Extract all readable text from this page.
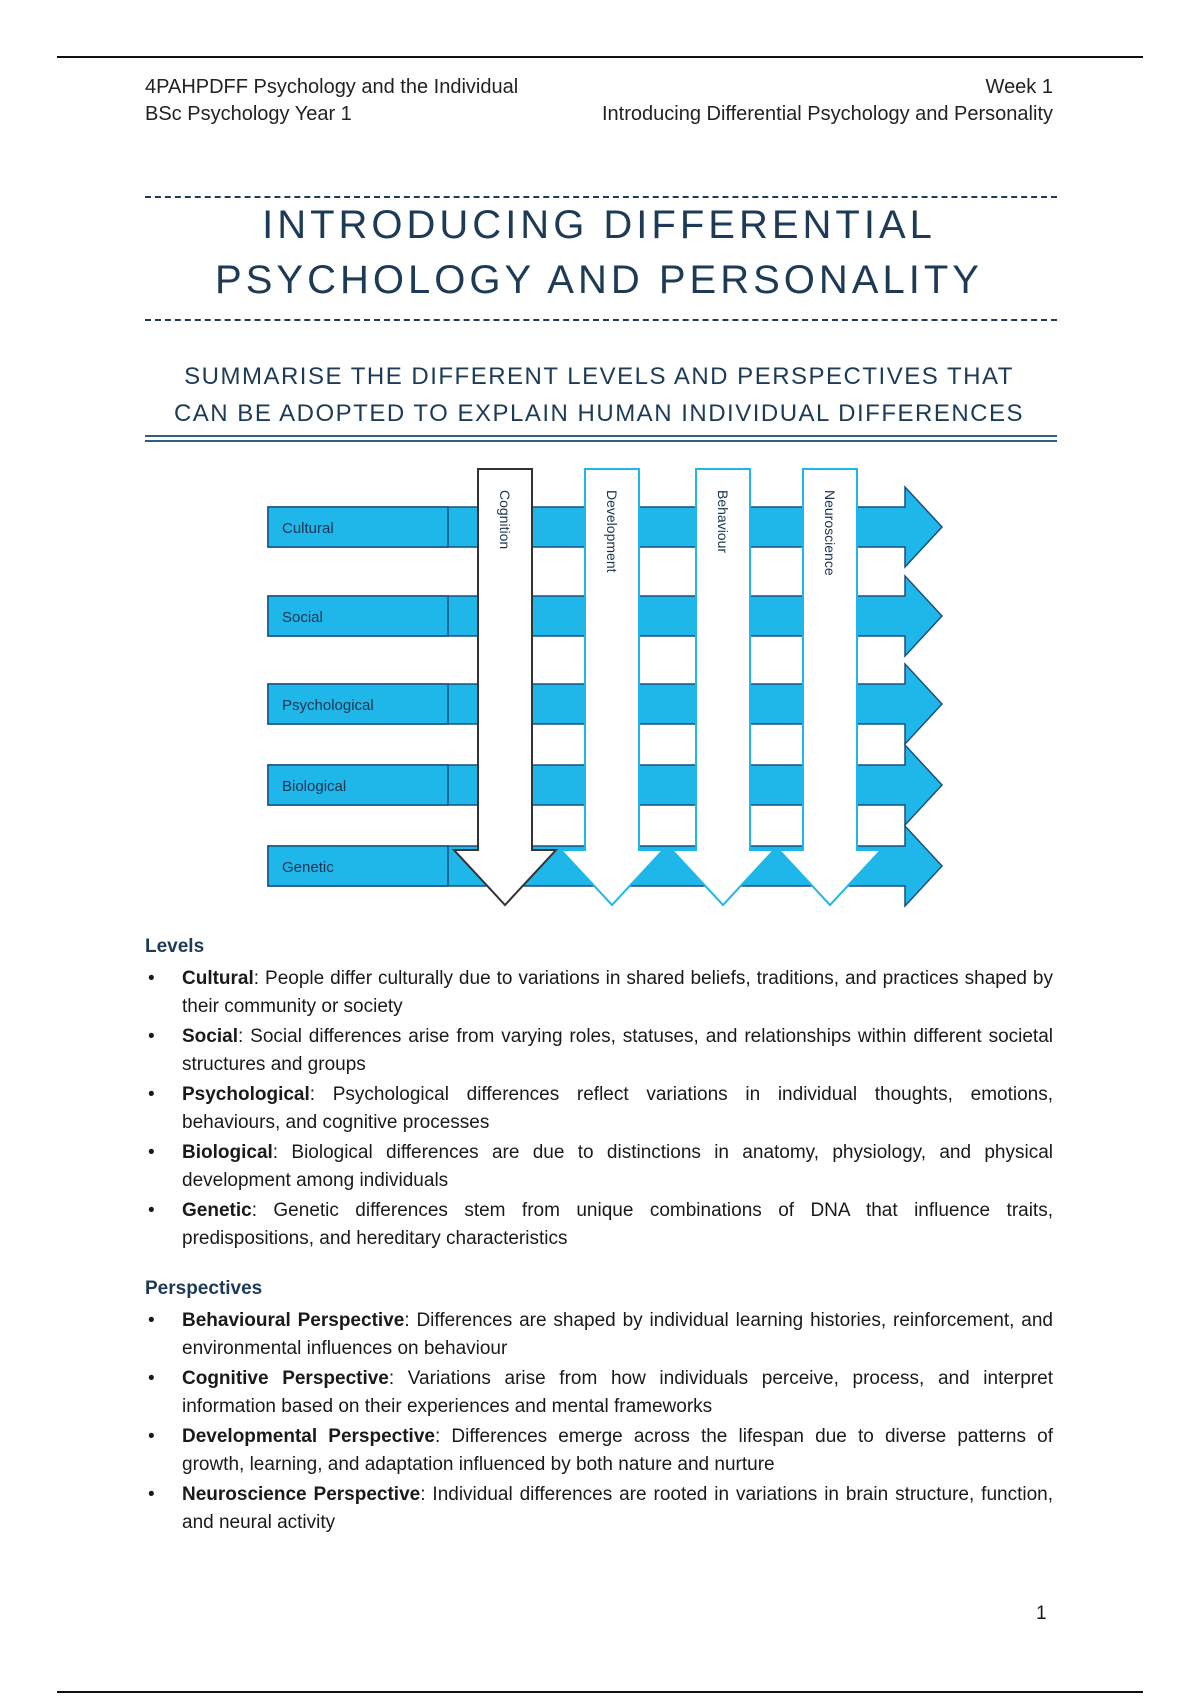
4PAHPDFF Psychology and the Individual
BSc Psychology Year 1
Week 1
Introducing Differential Psychology and Personality
INTRODUCING DIFFERENTIAL
PSYCHOLOGY AND PERSONALITY
SUMMARISE THE DIFFERENT LEVELS AND PERSPECTIVES THAT
CAN BE ADOPTED TO EXPLAIN HUMAN INDIVIDUAL DIFFERENCES
Cultural
Social
Psychological
Biological
Genetic
Cognition	Development	Behaviour	Neuroscience
Levels
• Cultural: People differ culturally due to variations in shared beliefs, traditions, and practices shaped by their community or society
• Social: Social differences arise from varying roles, statuses, and relationships within different societal structures and groups
• Psychological: Psychological differences reflect variations in individual thoughts, emotions, behaviours, and cognitive processes
• Biological: Biological differences are due to distinctions in anatomy, physiology, and physical development among individuals
• Genetic: Genetic differences stem from unique combinations of DNA that influence traits, predispositions, and hereditary characteristics
Perspectives
• Behavioural Perspective: Differences are shaped by individual learning histories, reinforcement, and environmental influences on behaviour
• Cognitive Perspective: Variations arise from how individuals perceive, process, and interpret information based on their experiences and mental frameworks
• Developmental Perspective: Differences emerge across the lifespan due to diverse patterns of growth, learning, and adaptation influenced by both nature and nurture
• Neuroscience Perspective: Individual differences are rooted in variations in brain structure, function, and neural activity
1
